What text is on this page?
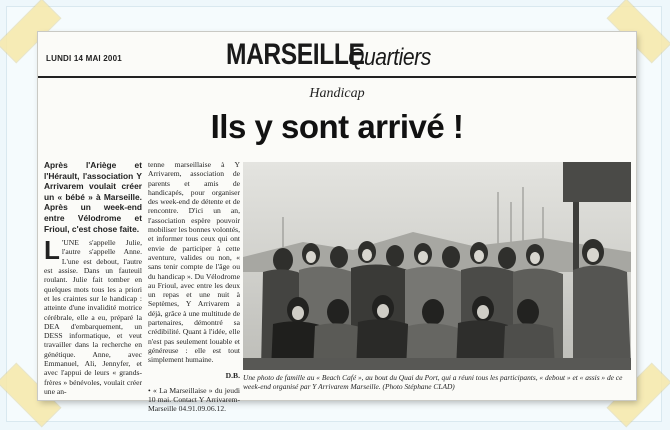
LUNDI 14 MAI 2001	MARSEILLE
Quartiers
Handicap
Ils y sont arrivé !

Après l'Ariège et l'Hérault, l'association Y Arrivarem voulait créer un « bébé » à Marseille. Après un week-end entre Vélodrome et Frioul, c'est chose faite.

L 'UNE s'appelle Julie, l'autre s'appelle Anne. L'une est debout, l'autre est assise. Dans un fauteuil roulant. Julie fait tomber en quelques mots tous les a priori et les craintes sur le handicap : atteinte d'une invalidité motrice cérébrale, elle a eu, préparé la DEA d'embarquement, un DESS informatique, et veut travailler dans la recherche en génétique. Anne, avec Emmanuel, Ali, Jennyfer, et avec l'appui de leurs « grands-frères » bénévoles, voulait créer une an-

tenne marseillaise à Y Arrivarem, association de parents et amis de handicapés, pour organiser des week-end de détente et de rencontre. D'ici un an, l'association espère pouvoir mobiliser les bonnes volontés, et informer tous ceux qui ont envie de participer à cette aventure, valides ou non, « sans tenir compte de l'âge ou du handicap ». Du Vélodrome au Frioul, avec entre les deux un repas et une nuit à Septèmes, Y Arrivarem a déjà, grâce à une multitude de partenaires, démontré sa crédibilité. Quant à l'idée, elle n'est pas seulement louable et généreuse : elle est tout simplement humaine.

D.B.

• « La Marseillaise » du jeudi 10 mai. Contact Y Arrivarem-Marseille 04.91.09.06.12.

Une photo de famille au « Beach Café », au bout du Quai du Port, qui a réuni tous les participants, « debout » et « assis » de ce week-end organisé par Y Arrivarem Marseille. (Photo Stéphane CLAD)
